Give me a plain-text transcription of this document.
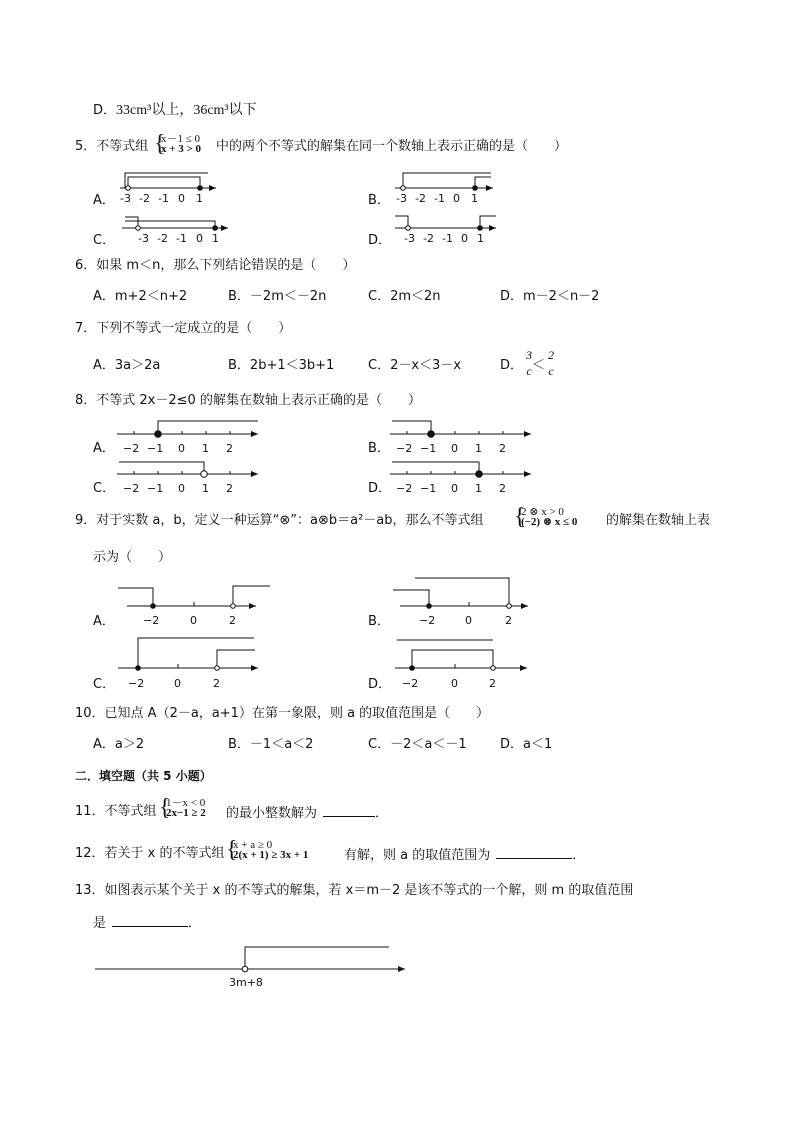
D．33cm³以上，36cm³以下
5．不等式组 {
x－1 ≤ 0
x + 3 > 0 中的两个不等式的解集在同一个数轴上表示正确的是（　　）
A．	B．
C．	D．
6．如果 m＜n，那么下列结论错误的是（　　）
A．m+2＜n+2	B．－2m＜－2n	C．2m＜2n	D．m－2＜n－2
7．下列不等式一定成立的是（　　）
A．3a＞2a	B．2b+1＜3b+1	C．2－x＜3－x	D．
3
c ＜
2
c
8．不等式 2x－2≤0 的解集在数轴上表示正确的是（　　）
A．	B．
C．	D．
9．对于实数 a，b，定义一种运算“⊗”：a⊗b＝a²－ab，那么不等式组 {
2 ⊗ x > 0
(−2) ⊗ x ≤ 0 的解集在数轴上表
示为（　　）
A．	B．
C．	D．
10．已知点 A（2－a，a+1）在第一象限，则 a 的取值范围是（　　）
A．a＞2	B．－1＜a＜2	C．－2＜a＜－1	D．a＜1
二．填空题（共 5 小题）
11．不等式组 {
1－x < 0
2x−1 ≥ 2 的最小整数解为	．
12．若关于 x 的不等式组 {
x + a ≥ 0
2(x + 1) ≥ 3x + 1	有解，则 a 的取值范围为	．
13．如图表示某个关于 x 的不等式的解集，若 x＝m－2 是该不等式的一个解，则 m 的取值范围
是	．
-3 -2 -1 0 1	-3 -2 -1 0 1
-3 -2 -1 0 1	-3 -2 -1 0 1
−2 −1 0 1 2	−2 −1 0 1 2
−2 −1 0 1 2	−2 −1 0 1 2
−2	0	2	−2	0	2
−2	0	2	−2	0	2
3m+8
